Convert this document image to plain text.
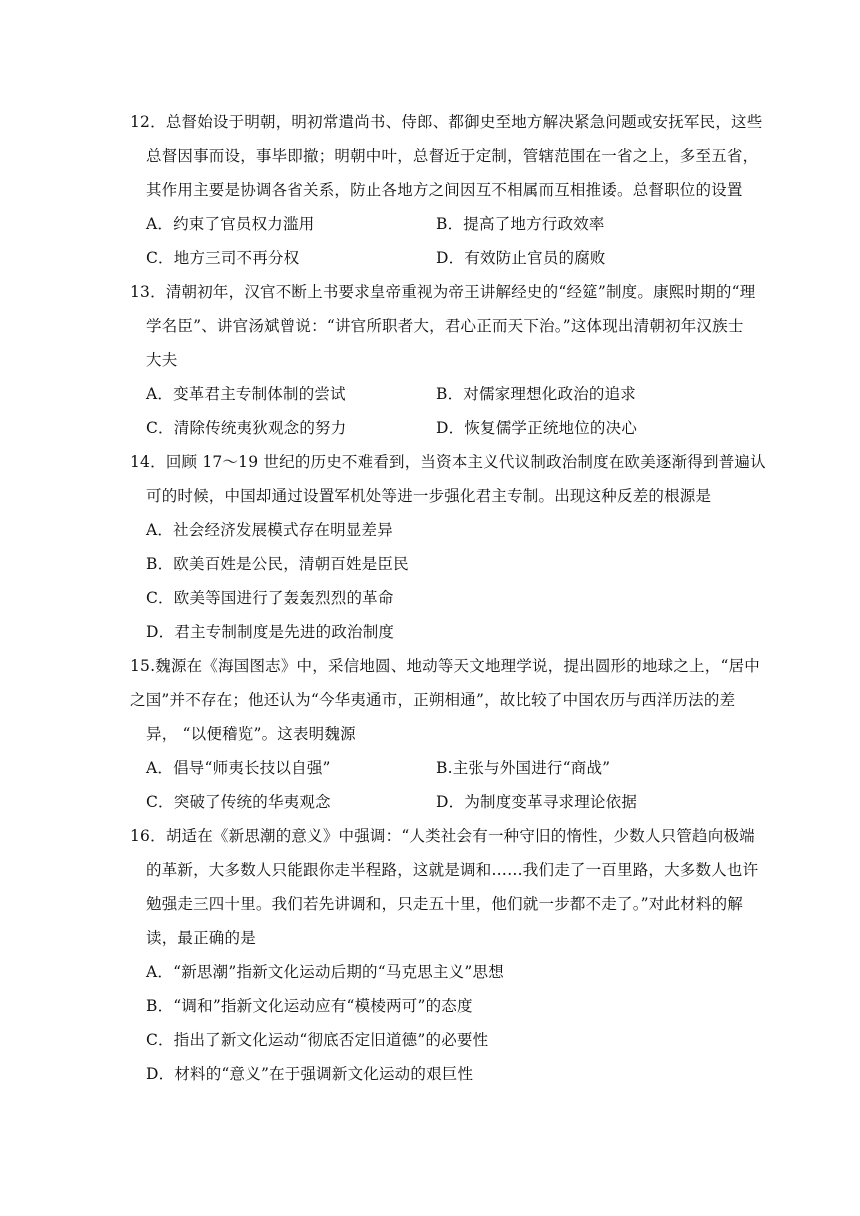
12．总督始设于明朝，明初常遣尚书、侍郎、都御史至地方解决紧急问题或安抚军民，这些
总督因事而设，事毕即撤；明朝中叶，总督近于定制，管辖范围在一省之上，多至五省，
其作用主要是协调各省关系，防止各地方之间因互不相属而互相推诿。总督职位的设置
A．约束了官员权力滥用	B．提高了地方行政效率
C．地方三司不再分权	D．有效防止官员的腐败
13．清朝初年，汉官不断上书要求皇帝重视为帝王讲解经史的“经筵”制度。康熙时期的“理
学名臣”、讲官汤斌曾说：“讲官所职者大，君心正而天下治。”这体现出清朝初年汉族士
大夫
A．变革君主专制体制的尝试	B．对儒家理想化政治的追求
C．清除传统夷狄观念的努力	D．恢复儒学正统地位的决心
14．回顾 17～19 世纪的历史不难看到，当资本主义代议制政治制度在欧美逐渐得到普遍认
可的时候，中国却通过设置军机处等进一步强化君主专制。出现这种反差的根源是
A．社会经济发展模式存在明显差异
B．欧美百姓是公民，清朝百姓是臣民
C．欧美等国进行了轰轰烈烈的革命
D．君主专制制度是先进的政治制度
15.魏源在《海国图志》中，采信地圆、地动等天文地理学说，提出圆形的地球之上，“居中
之国”并不存在；他还认为“今华夷通市，正朔相通”，故比较了中国农历与西洋历法的差
异， “以便稽览”。这表明魏源
A．倡导“师夷长技以自强”	B.主张与外国进行“商战”
C．突破了传统的华夷观念	D．为制度变革寻求理论依据
16．胡适在《新思潮的意义》中强调：“人类社会有一种守旧的惰性，少数人只管趋向极端
的革新，大多数人只能跟你走半程路，这就是调和……我们走了一百里路，大多数人也许
勉强走三四十里。我们若先讲调和，只走五十里，他们就一步都不走了。”对此材料的解
读，最正确的是
A．“新思潮”指新文化运动后期的“马克思主义”思想
B．“调和”指新文化运动应有“模棱两可”的态度
C．指出了新文化运动“彻底否定旧道德”的必要性
D．材料的“意义”在于强调新文化运动的艰巨性
